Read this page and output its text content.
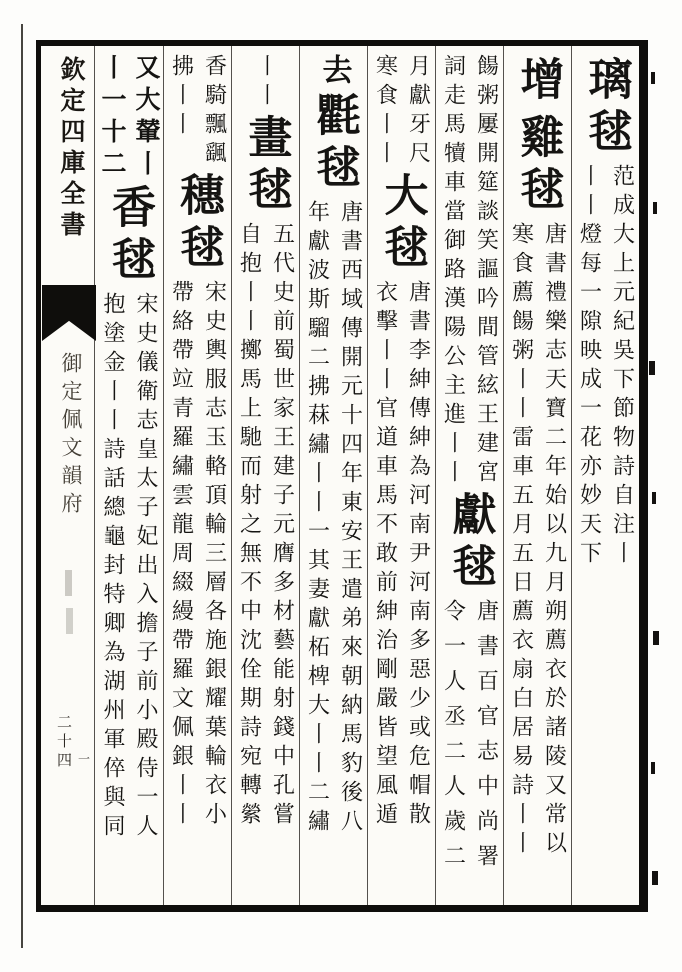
璃毬
范成大上元紀吳下節物詩自注丨
丨丨燈每一隙映成一花亦妙天下
增
雞毬
唐書禮樂志天寶二年始以九月朔薦衣於諸陵又常以
寒食薦餳粥丨丨雷車五月五日薦衣扇白居易詩丨丨
餳粥屢開筵談笑謳吟間管絃王建宮
詞走馬犢車當御路漢陽公主進丨丨
獻毬
唐書百官志中尚署
令一人丞二人歲二
月獻牙尺
寒食丨丨
大毬
唐書李紳傳紳為河南尹河南多惡少或危帽散
衣擊丨丨官道車馬不敢前紳治剛嚴皆望風遁
去
氍毬
唐書西域傳開元十四年東安王遣弟來朝納馬豹後八
年獻波斯騮二拂菻繡丨丨一其妻獻柘椑大丨丨二繡
丨丨
畫毬
五代史前蜀世家王建子元膺多材藝能射錢中孔嘗
自抱丨丨擲馬上馳而射之無不中沈佺期詩宛轉縈
香騎飄颻
拂丨丨
穗毬
宋史輿服志玉輅頂輪三層各施銀耀葉輪衣小
帶絡帶竝青羅繡雲龍周綴縵帶羅文佩銀丨丨
又大輦丨
丨一十二
香毬
宋史儀衛志皇太子妃出入擔子前小殿侍一人
抱塗金丨丨詩話總龜封特卿為湖州軍倅與同
欽定四庫全書
御定佩文韻府
二十四 一
